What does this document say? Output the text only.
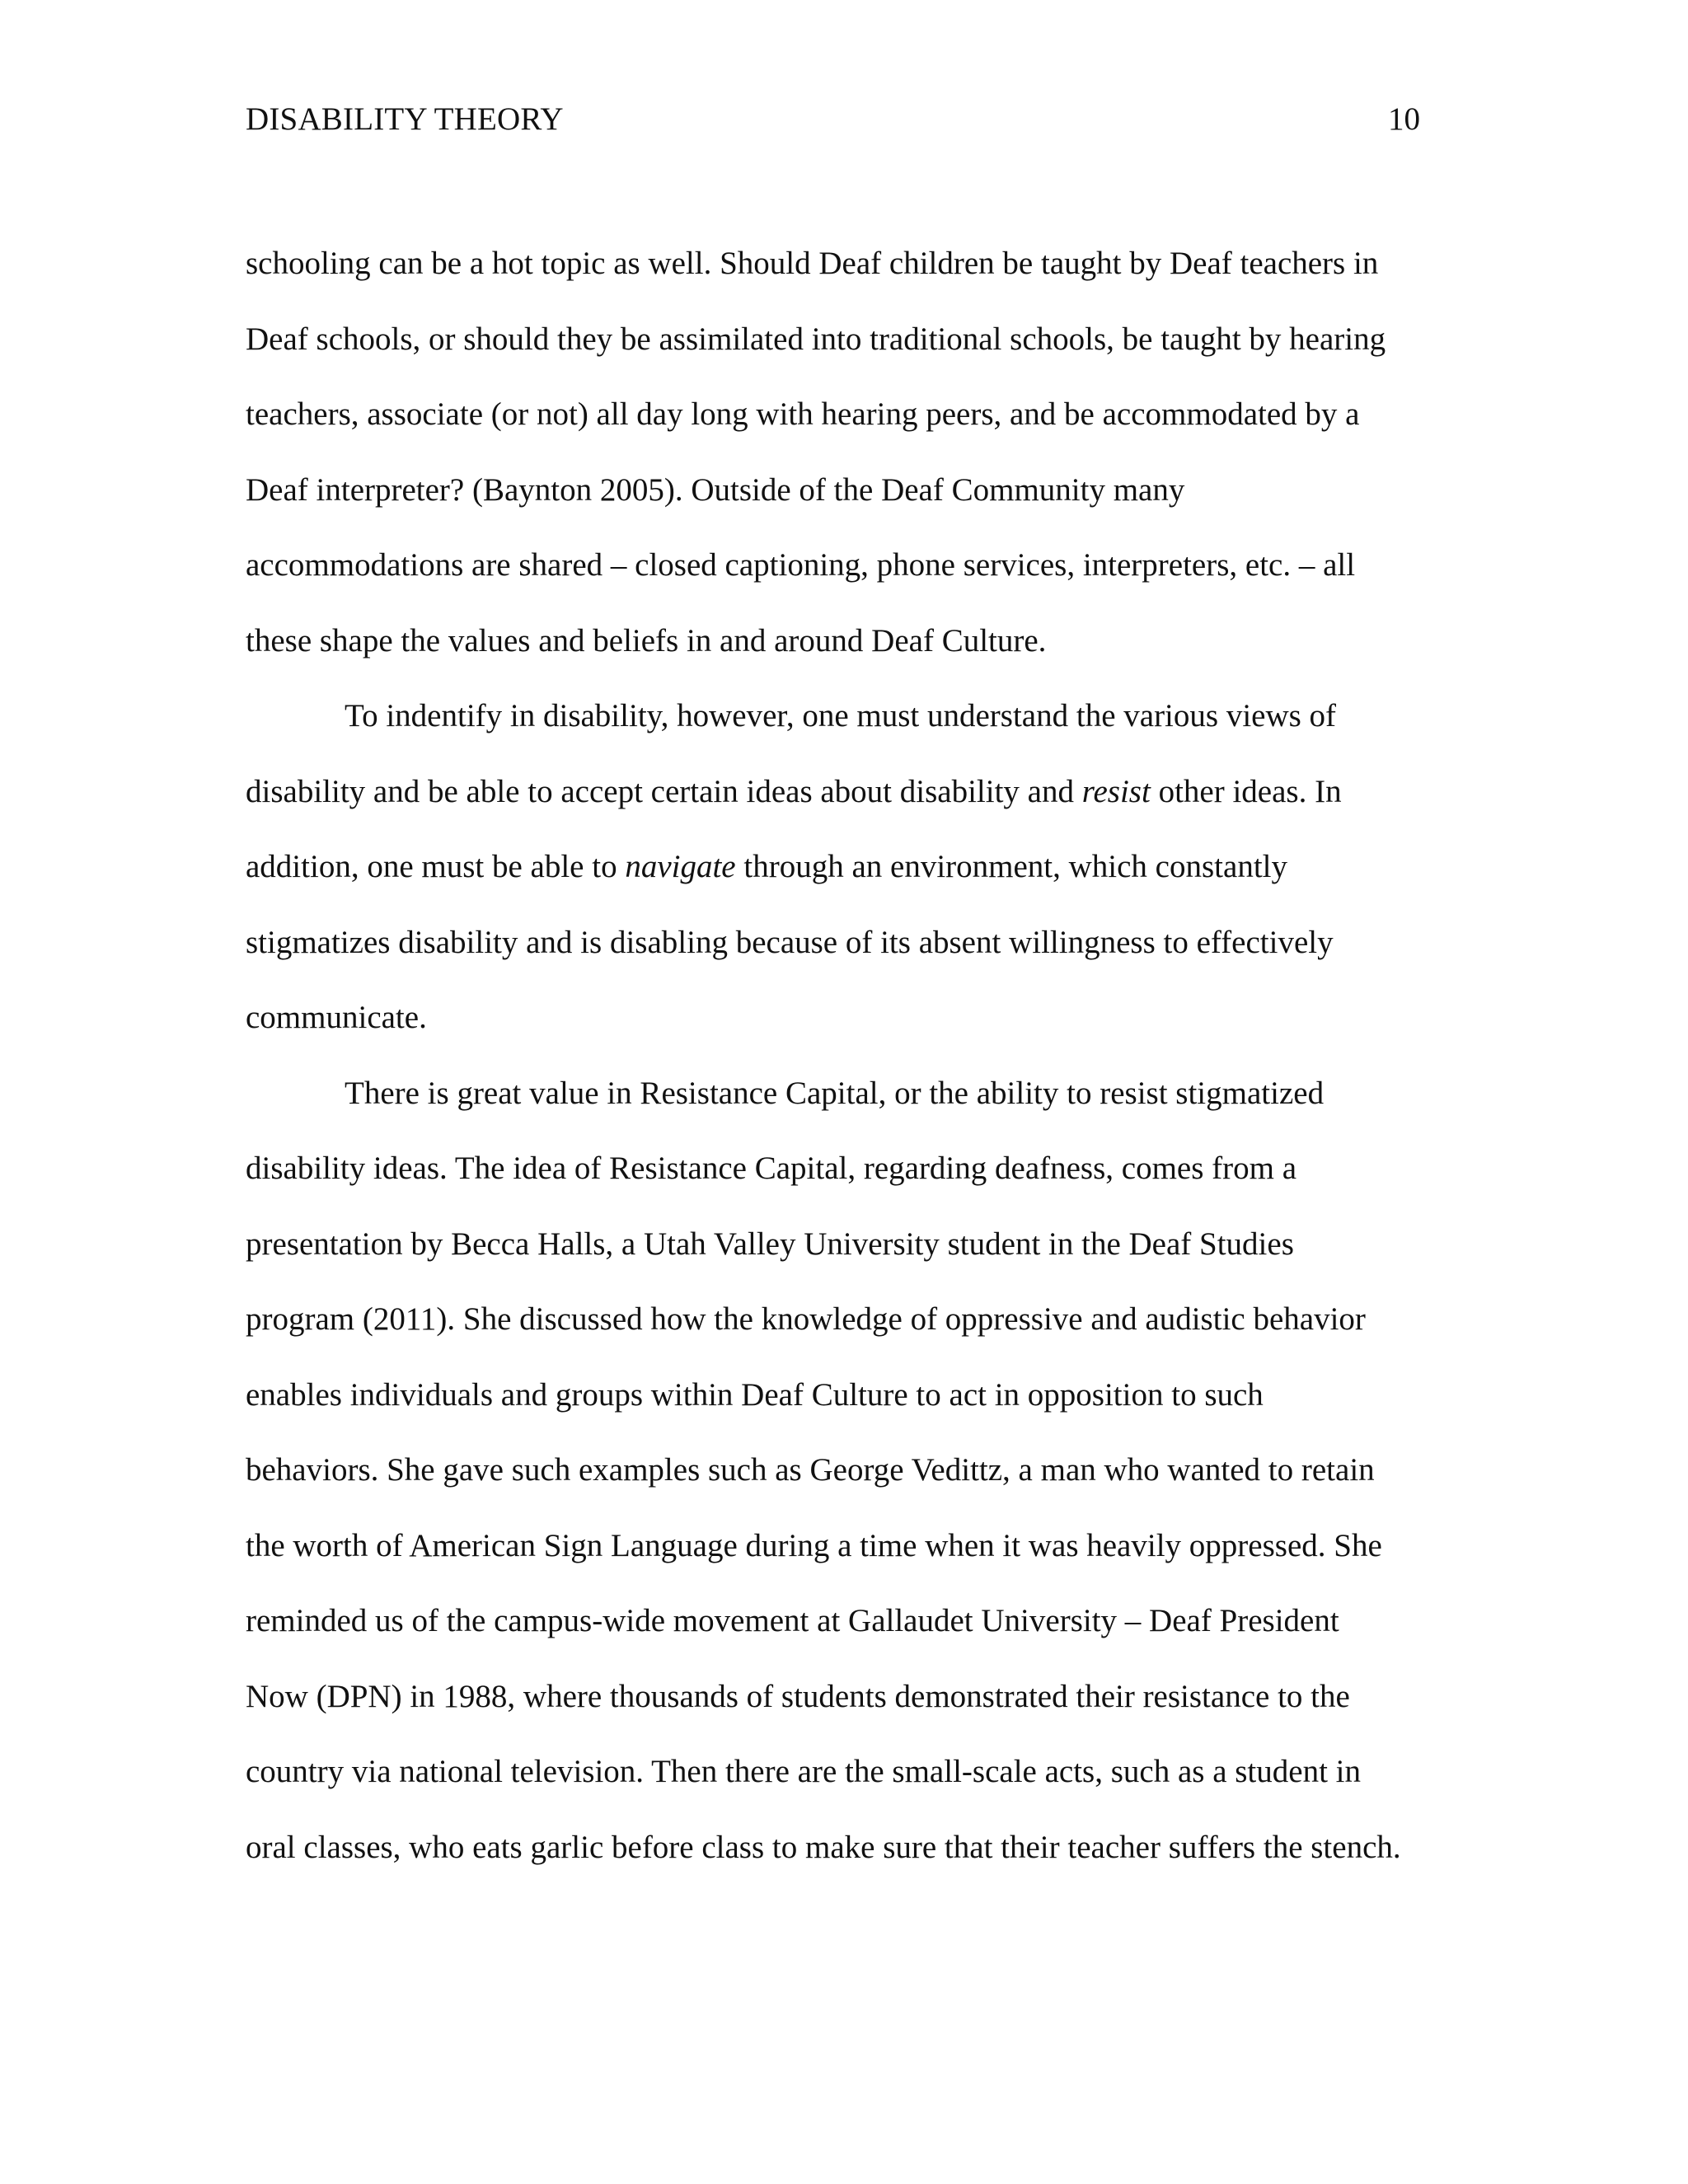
DISABILITY THEORY	10
schooling can be a hot topic as well. Should Deaf children be taught by Deaf teachers in
Deaf schools, or should they be assimilated into traditional schools, be taught by hearing
teachers, associate (or not) all day long with hearing peers, and be accommodated by a
Deaf interpreter? (Baynton 2005). Outside of the Deaf Community many
accommodations are shared – closed captioning, phone services, interpreters, etc. – all
these shape the values and beliefs in and around Deaf Culture.
To indentify in disability, however, one must understand the various views of
disability and be able to accept certain ideas about disability and resist other ideas. In
addition, one must be able to navigate through an environment, which constantly
stigmatizes disability and is disabling because of its absent willingness to effectively
communicate.
There is great value in Resistance Capital, or the ability to resist stigmatized
disability ideas. The idea of Resistance Capital, regarding deafness, comes from a
presentation by Becca Halls, a Utah Valley University student in the Deaf Studies
program (2011). She discussed how the knowledge of oppressive and audistic behavior
enables individuals and groups within Deaf Culture to act in opposition to such
behaviors. She gave such examples such as George Vedittz, a man who wanted to retain
the worth of American Sign Language during a time when it was heavily oppressed. She
reminded us of the campus-wide movement at Gallaudet University – Deaf President
Now (DPN) in 1988, where thousands of students demonstrated their resistance to the
country via national television. Then there are the small-scale acts, such as a student in
oral classes, who eats garlic before class to make sure that their teacher suffers the stench.
